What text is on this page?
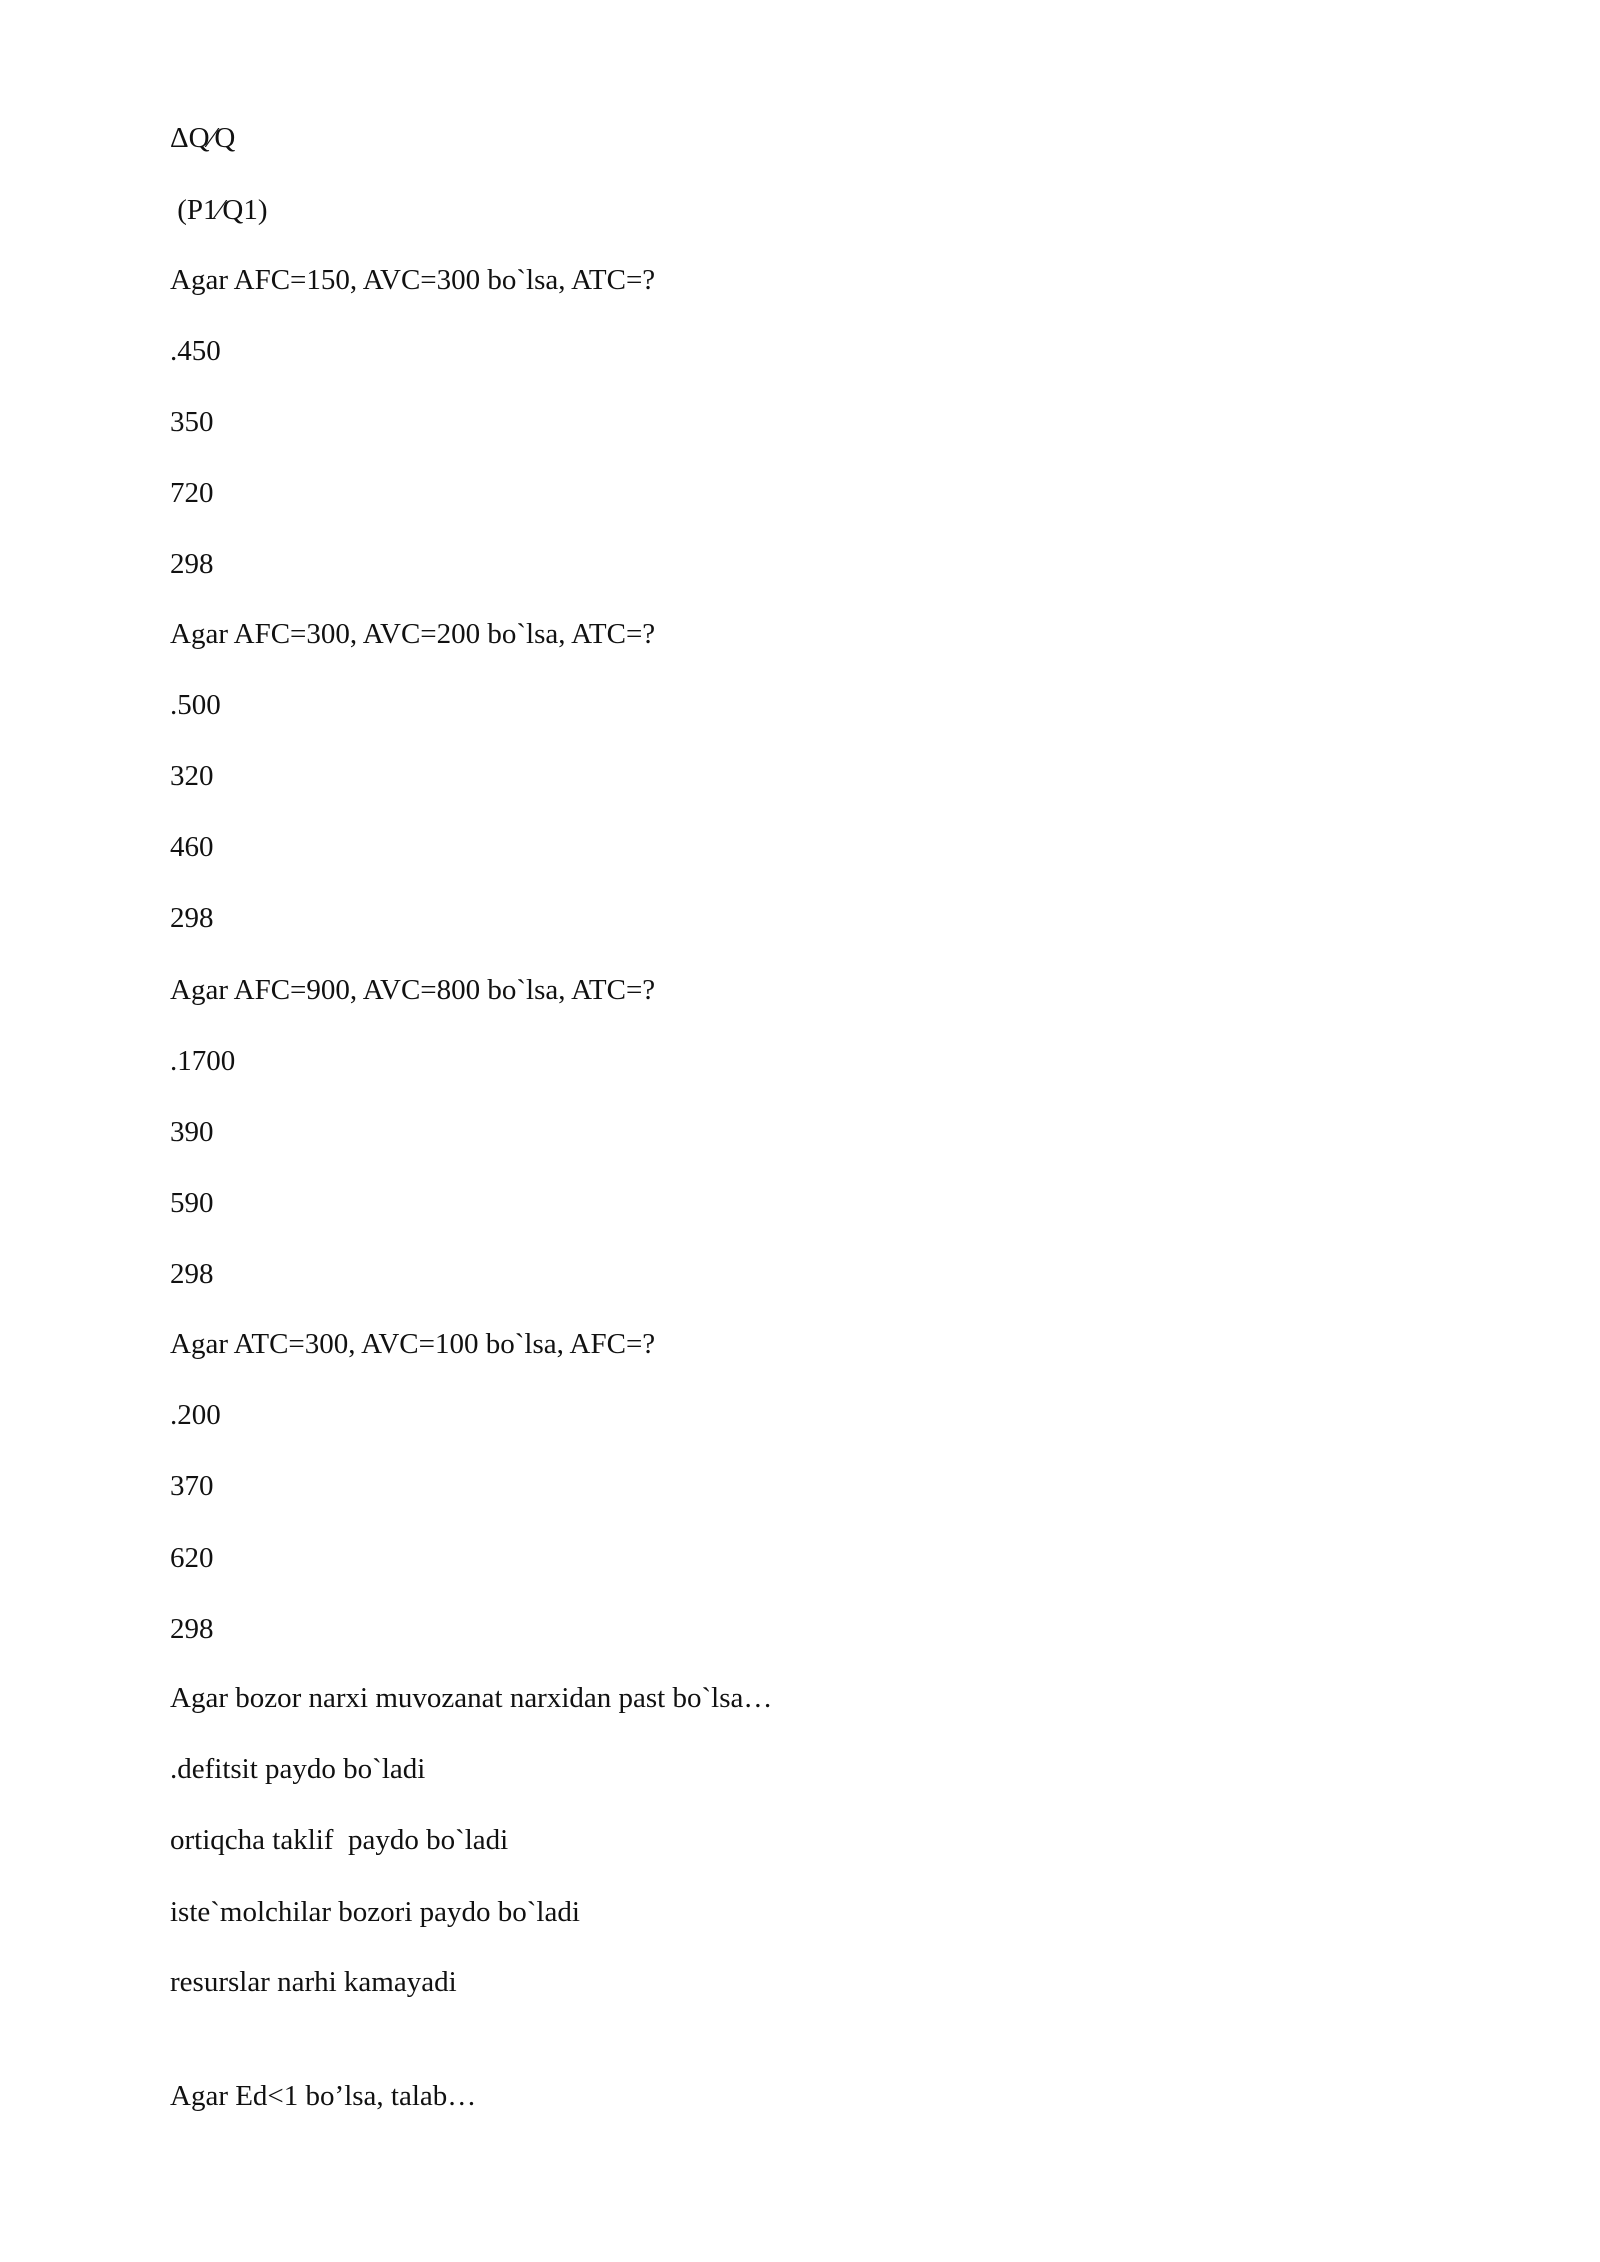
ΔQ⁄Q
(P1⁄Q1)
Agar AFC=150, AVC=300 bo`lsa, ATC=?
.450
350
720
298
Agar AFC=300, AVC=200 bo`lsa, ATC=?
.500
320
460
298
Agar AFC=900, AVC=800 bo`lsa, ATC=?
.1700
390
590
298
Agar ATC=300, AVC=100 bo`lsa, AFC=?
.200
370
620
298
Agar bozor narxi muvozanat narxidan past bo`lsa…
.defitsit paydo bo`ladi
ortiqcha taklif  paydo bo`ladi
iste`molchilar bozori paydo bo`ladi
resurslar narhi kamayadi
Agar Ed<1 bo’lsa, talab…
